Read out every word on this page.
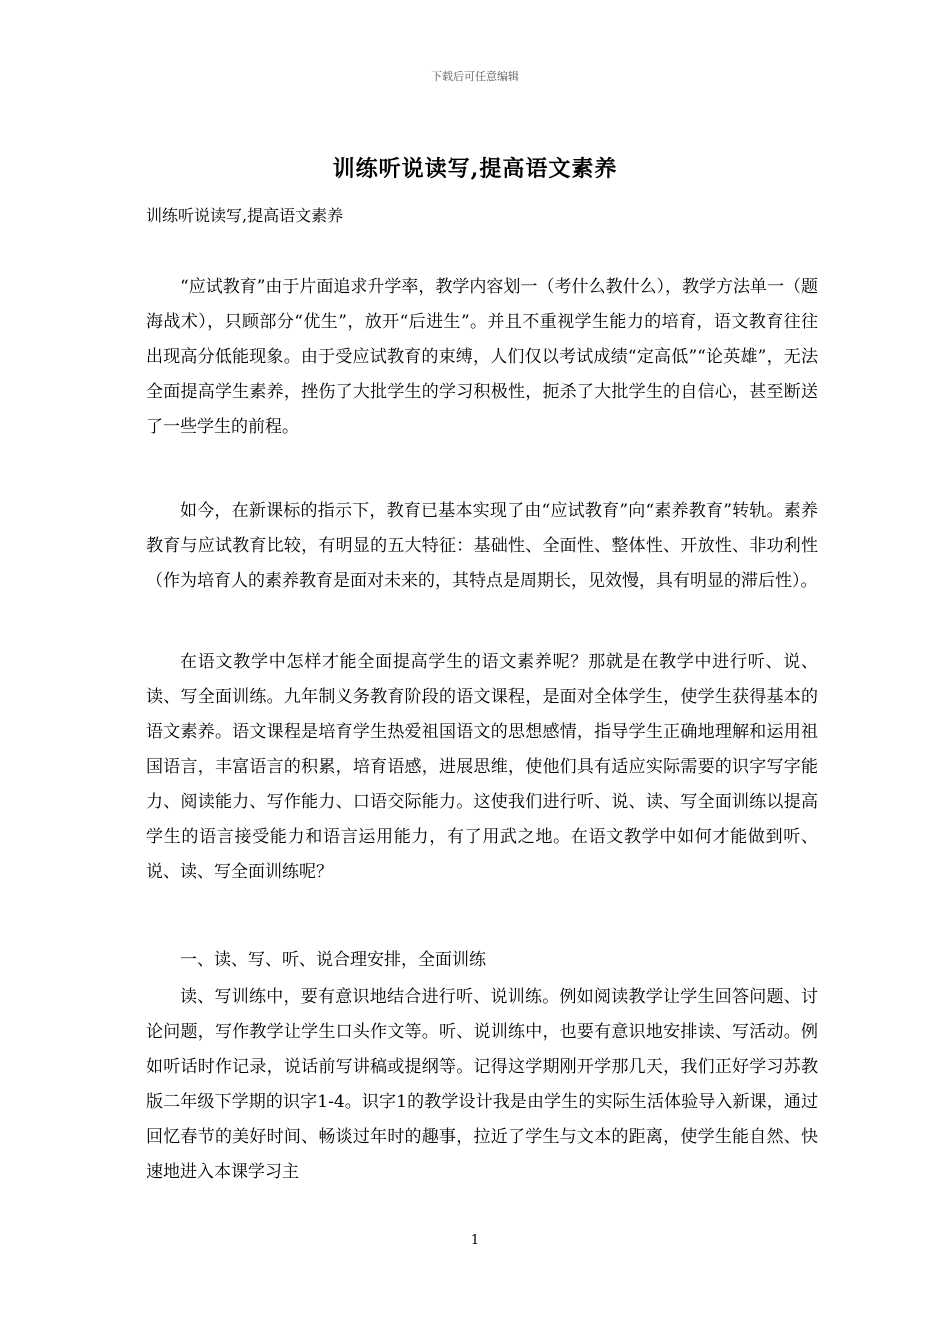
下载后可任意编辑
训练听说读写,提高语文素养
训练听说读写,提高语文素养

“应试教育”由于片面追求升学率，教学内容划一（考什么教什么），教学方法单一（题海战术），只顾部分“优生”，放开“后进生”。并且不重视学生能力的培育，语文教育往往出现高分低能现象。由于受应试教育的束缚，人们仅以考试成绩“定高低”“论英雄”，无法全面提高学生素养，挫伤了大批学生的学习积极性，扼杀了大批学生的自信心，甚至断送了一些学生的前程。

如今，在新课标的指示下，教育已基本实现了由“应试教育”向“素养教育”转轨。素养教育与应试教育比较，有明显的五大特征：基础性、全面性、整体性、开放性、非功利性（作为培育人的素养教育是面对未来的，其特点是周期长，见效慢，具有明显的滞后性）。

在语文教学中怎样才能全面提高学生的语文素养呢？那就是在教学中进行听、说、读、写全面训练。九年制义务教育阶段的语文课程，是面对全体学生，使学生获得基本的语文素养。语文课程是培育学生热爱祖国语文的思想感情，指导学生正确地理解和运用祖国语言，丰富语言的积累，培育语感，进展思维，使他们具有适应实际需要的识字写字能力、阅读能力、写作能力、口语交际能力。这使我们进行听、说、读、写全面训练以提高学生的语言接受能力和语言运用能力，有了用武之地。在语文教学中如何才能做到听、说、读、写全面训练呢？

一、读、写、听、说合理安排，全面训练

读、写训练中，要有意识地结合进行听、说训练。例如阅读教学让学生回答问题、讨论问题，写作教学让学生口头作文等。听、说训练中，也要有意识地安排读、写活动。例如听话时作记录，说话前写讲稿或提纲等。记得这学期刚开学那几天，我们正好学习苏教版二年级下学期的识字1-4。识字1的教学设计我是由学生的实际生活体验导入新课，通过回忆春节的美好时间、畅谈过年时的趣事，拉近了学生与文本的距离，使学生能自然、快速地进入本课学习主

1
